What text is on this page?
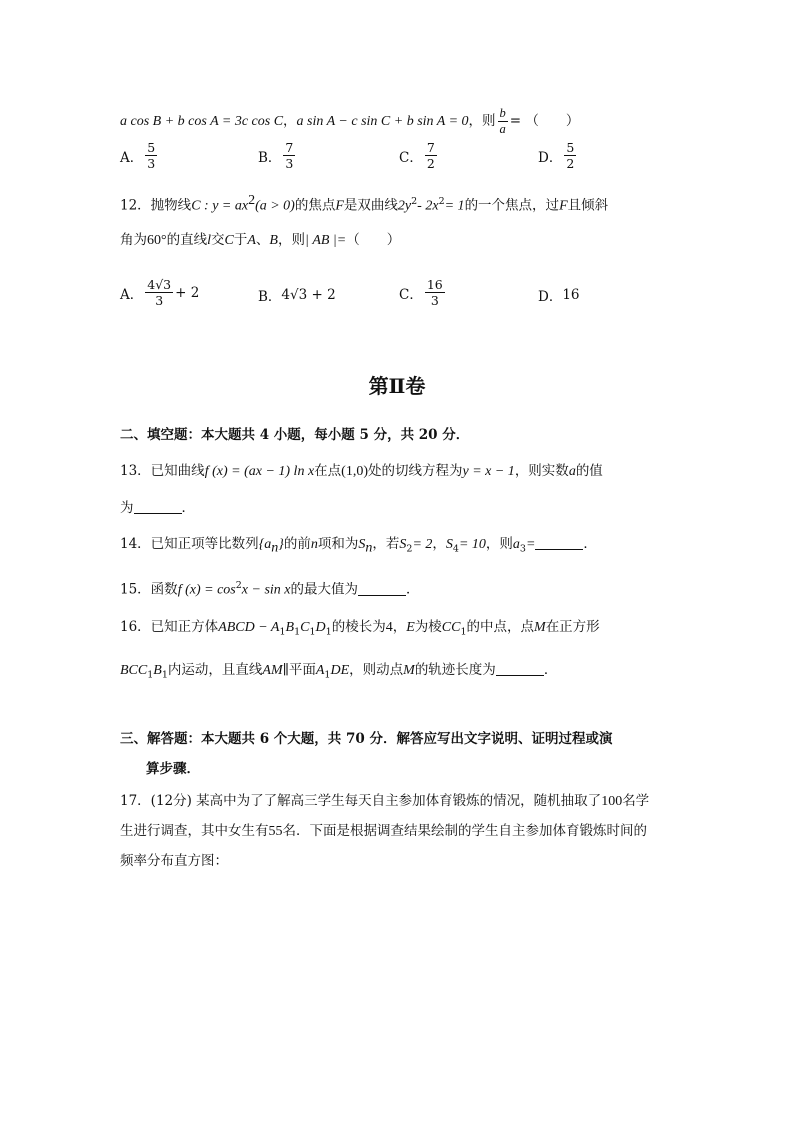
a cos B + b cos A = 3c cos C，a sin A − c sin C + b sin A = 0，则 $\frac{b}{a}$ = （　　）
A． $\frac{5}{3}$	B． $\frac{7}{3}$	C． $\frac{7}{2}$	D． $\frac{5}{2}$
12．抛物线C : $y = ax^2(a > 0)$的焦点F是双曲线$2y^2-$ $2x^2= 1$的一个焦点，过F且倾斜
角为60°的直线l交C于A、B，则| AB |=（　　）
A． $\frac{4√3}{3} + 2$	B． 4√3 + 2	C． $\frac{16}{3}$	D． 16
第Ⅱ卷
二、填空题：本大题共 4 小题，每小题 5 分，共 20 分．
13．已知曲线f (x) = (ax − 1) ln x在点(1,0)处的切线方程为y = x − 1，则实数a的值
为	．
14．已知正项等比数列$\{a_n\}$的前n项和为$S_n$，若$S_2= 2$，$S_4= 10$，则$a_3=$	．
15．函数f $(x) = \cos^2x - \sin x$的最大值为	．
16．已知正方体ABCD − $A_1B_1C_1D_1$的棱长为4，E为棱$CC_1$的中点，点M在正方形
$BCC_1B_1$内运动，且直线AM∥平面$A_1DE$，则动点M的轨迹长度为	．
三、解答题：本大题共 6 个大题，共 70 分．解答应写出文字说明、证明过程或演
算步骤．
17．(12分) 某高中为了了解高三学生每天自主参加体育锻炼的情况，随机抽取了100名学
生进行调查，其中女生有55名．下面是根据调查结果绘制的学生自主参加体育锻炼时间的
频率分布直方图：
